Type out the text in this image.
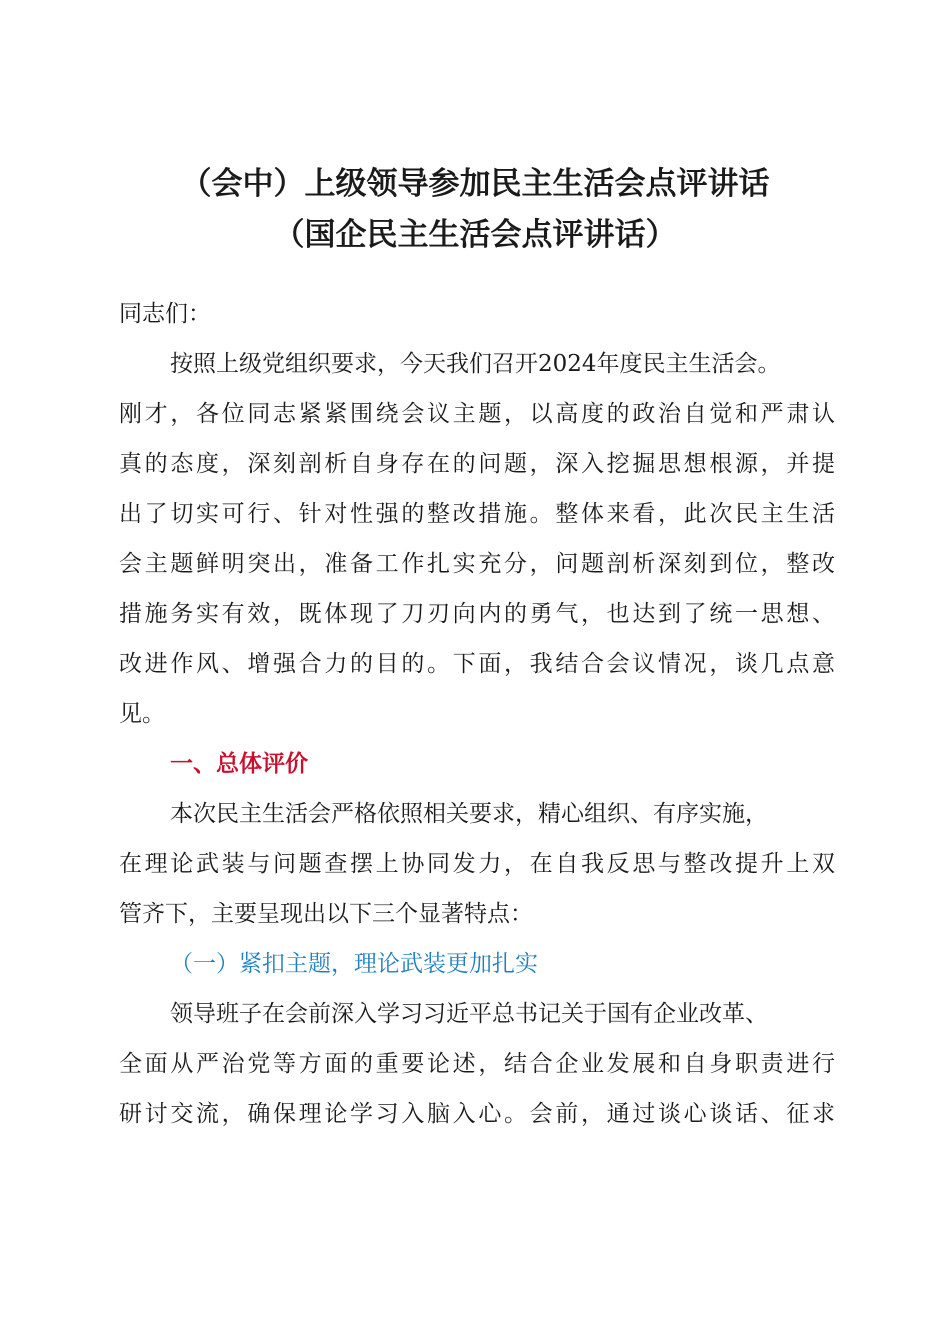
（会中）上级领导参加民主生活会点评讲话
（国企民主生活会点评讲话）
同志们：
按照上级党组织要求，今天我们召开2024年度民主生活会。
刚才，各位同志紧紧围绕会议主题，以高度的政治自觉和严肃认
真的态度，深刻剖析自身存在的问题，深入挖掘思想根源，并提
出了切实可行、针对性强的整改措施。整体来看，此次民主生活
会主题鲜明突出，准备工作扎实充分，问题剖析深刻到位，整改
措施务实有效，既体现了刀刃向内的勇气，也达到了统一思想、
改进作风、增强合力的目的。下面，我结合会议情况，谈几点意
见。
一、总体评价
本次民主生活会严格依照相关要求，精心组织、有序实施，
在理论武装与问题查摆上协同发力，在自我反思与整改提升上双
管齐下，主要呈现出以下三个显著特点：
（一）紧扣主题，理论武装更加扎实
领导班子在会前深入学习习近平总书记关于国有企业改革、
全面从严治党等方面的重要论述，结合企业发展和自身职责进行
研讨交流，确保理论学习入脑入心。会前，通过谈心谈话、征求
